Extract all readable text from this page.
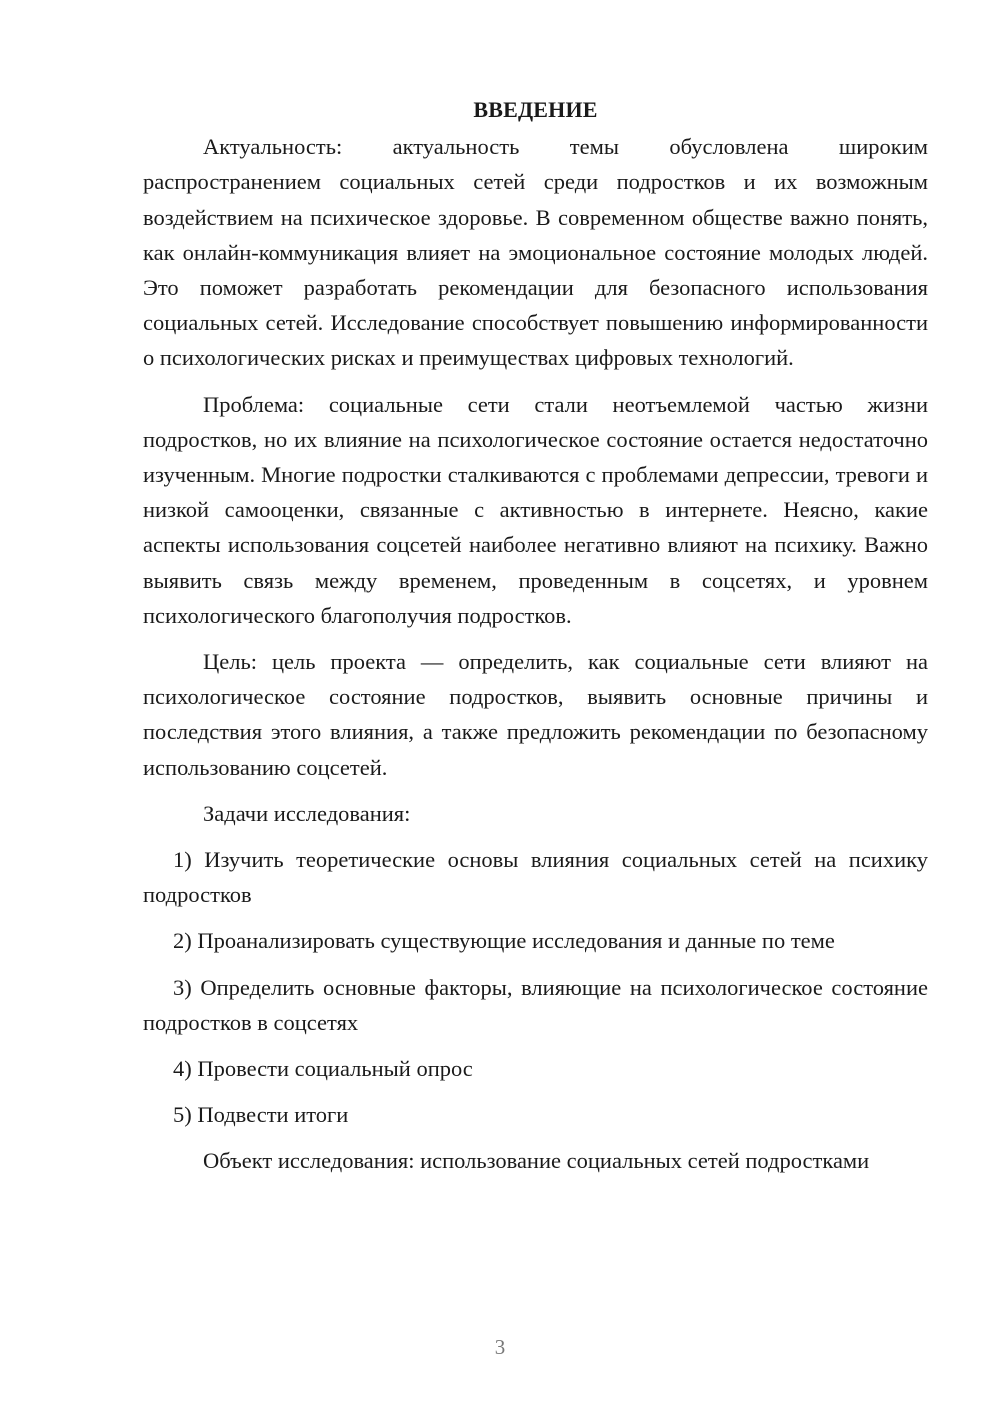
ВВЕДЕНИЕ

Актуальность: актуальность темы обусловлена широким распространением социальных сетей среди подростков и их возможным воздействием на психическое здоровье. В современном обществе важно понять, как онлайн-коммуникация влияет на эмоциональное состояние молодых людей. Это поможет разработать рекомендации для безопасного использования социальных сетей. Исследование способствует повышению информированности о психологических рисках и преимуществах цифровых технологий.

Проблема: социальные сети стали неотъемлемой частью жизни подростков, но их влияние на психологическое состояние остается недостаточно изученным. Многие подростки сталкиваются с проблемами депрессии, тревоги и низкой самооценки, связанные с активностью в интернете. Неясно, какие аспекты использования соцсетей наиболее негативно влияют на психику. Важно выявить связь между временем, проведенным в соцсетях, и уровнем психологического благополучия подростков.

Цель: цель проекта — определить, как социальные сети влияют на психологическое состояние подростков, выявить основные причины и последствия этого влияния, а также предложить рекомендации по безопасному использованию соцсетей.

Задачи исследования:

1) Изучить теоретические основы влияния социальных сетей на психику подростков

2) Проанализировать существующие исследования и данные по теме

3) Определить основные факторы, влияющие на психологическое состояние подростков в соцсетях

4) Провести социальный опрос

5) Подвести итоги

Объект исследования: использование социальных сетей подростками

3
